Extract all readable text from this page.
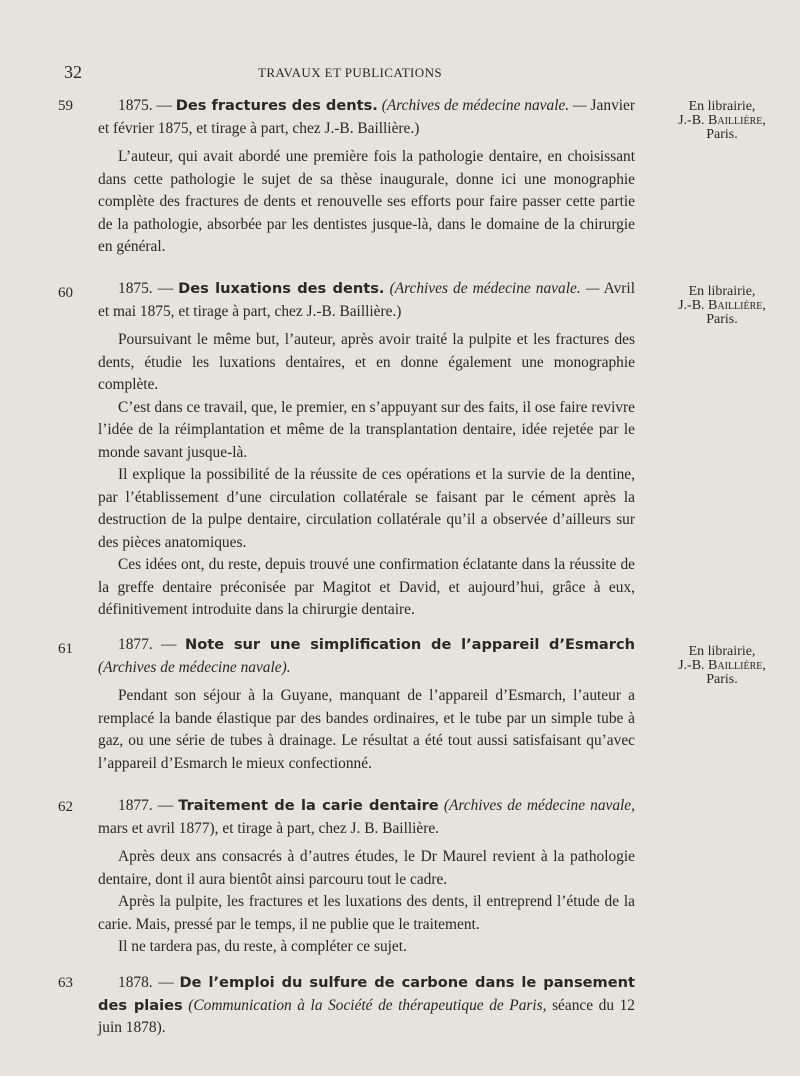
32	TRAVAUX ET PUBLICATIONS
59	1875. — Des fractures des dents. (Archives de médecine navale. — Janvier et février 1875, et tirage à part, chez J.-B. Baillière.)

L’auteur, qui avait abordé une première fois la pathologie dentaire, en choisissant dans cette pathologie le sujet de sa thèse inaugurale, donne ici une monographie complète des fractures de dents et renouvelle ses efforts pour faire passer cette partie de la pathologie, absorbée par les dentistes jusque-là, dans le domaine de la chirurgie en général.

En librairie,
J.-B. Baillière,
Paris.
60	1875. — Des luxations des dents. (Archives de médecine navale. — Avril et mai 1875, et tirage à part, chez J.-B. Baillière.)

Poursuivant le même but, l’auteur, après avoir traité la pulpite et les fractures des dents, étudie les luxations dentaires, et en donne également une monographie complète.

C’est dans ce travail, que, le premier, en s’appuyant sur des faits, il ose faire revivre l’idée de la réimplantation et même de la transplantation dentaire, idée rejetée par le monde savant jusque-là.

Il explique la possibilité de la réussite de ces opérations et la survie de la dentine, par l’établissement d’une circulation collatérale se faisant par le cément après la destruction de la pulpe dentaire, circulation collatérale qu’il a observée d’ailleurs sur des pièces anatomiques.

Ces idées ont, du reste, depuis trouvé une confirmation éclatante dans la réussite de la greffe dentaire préconisée par Magitot et David, et aujourd’hui, grâce à eux, définitivement introduite dans la chirurgie dentaire.

En librairie,
J.-B. Baillière,
Paris.
61	1877. — Note sur une simplification de l’appareil d’Esmarch (Archives de médecine navale).

Pendant son séjour à la Guyane, manquant de l’appareil d’Esmarch, l’auteur a remplacé la bande élastique par des bandes ordinaires, et le tube par un simple tube à gaz, ou une série de tubes à drainage. Le résultat a été tout aussi satisfaisant qu’avec l’appareil d’Esmarch le mieux confectionné.

En librairie,
J.-B. Baillière,
Paris.
62	1877. — Traitement de la carie dentaire (Archives de médecine navale, mars et avril 1877), et tirage à part, chez J. B. Baillière.

Après deux ans consacrés à d’autres études, le Dr Maurel revient à la pathologie dentaire, dont il aura bientôt ainsi parcouru tout le cadre.

Après la pulpite, les fractures et les luxations des dents, il entreprend l’étude de la carie. Mais, pressé par le temps, il ne publie que le traitement.

Il ne tardera pas, du reste, à compléter ce sujet.

63	1878. — De l’emploi du sulfure de carbone dans le pansement des plaies (Communication à la Société de thérapeutique de Paris, séance du 12 juin 1878).
